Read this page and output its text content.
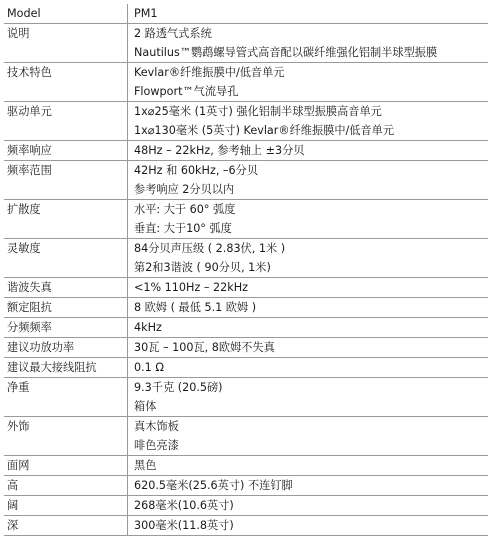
Model	PM1
说明	2 路透气式系统
Nautilus™鹦鹉螺导管式高音配以碳纤维强化铝制半球型振膜
技术特色	Kevlar®纤维振膜中/低音单元
Flowport™气流导孔
驱动单元	1x⌀25毫米 (1英寸) 强化铝制半球型振膜高音单元
1x⌀130毫米 (5英寸) Kevlar®纤维振膜中/低音单元
频率响应	48Hz – 22kHz, 参考轴上 ±3分贝
频率范围	42Hz 和 60kHz, –6分贝
参考响应 2分贝以内
扩散度	水平: 大于 60° 弧度
垂直: 大于10° 弧度
灵敏度	84分贝声压级 ( 2.83伏, 1米 )
第2和3谐波 ( 90分贝, 1米)
谐波失真	<1% 110Hz – 22kHz
额定阻抗	8 欧姆 ( 最低 5.1 欧姆 )
分频频率	4kHz
建议功放功率	30瓦 – 100瓦, 8欧姆不失真
建议最大接线阻抗	0.1 Ω
净重	9.3千克 (20.5磅)
箱体
外饰	真木饰板
啡色亮漆
面网	黑色
高	620.5毫米(25.6英寸) 不连钉脚
阔	268毫米(10.6英寸)
深	300毫米(11.8英寸)
